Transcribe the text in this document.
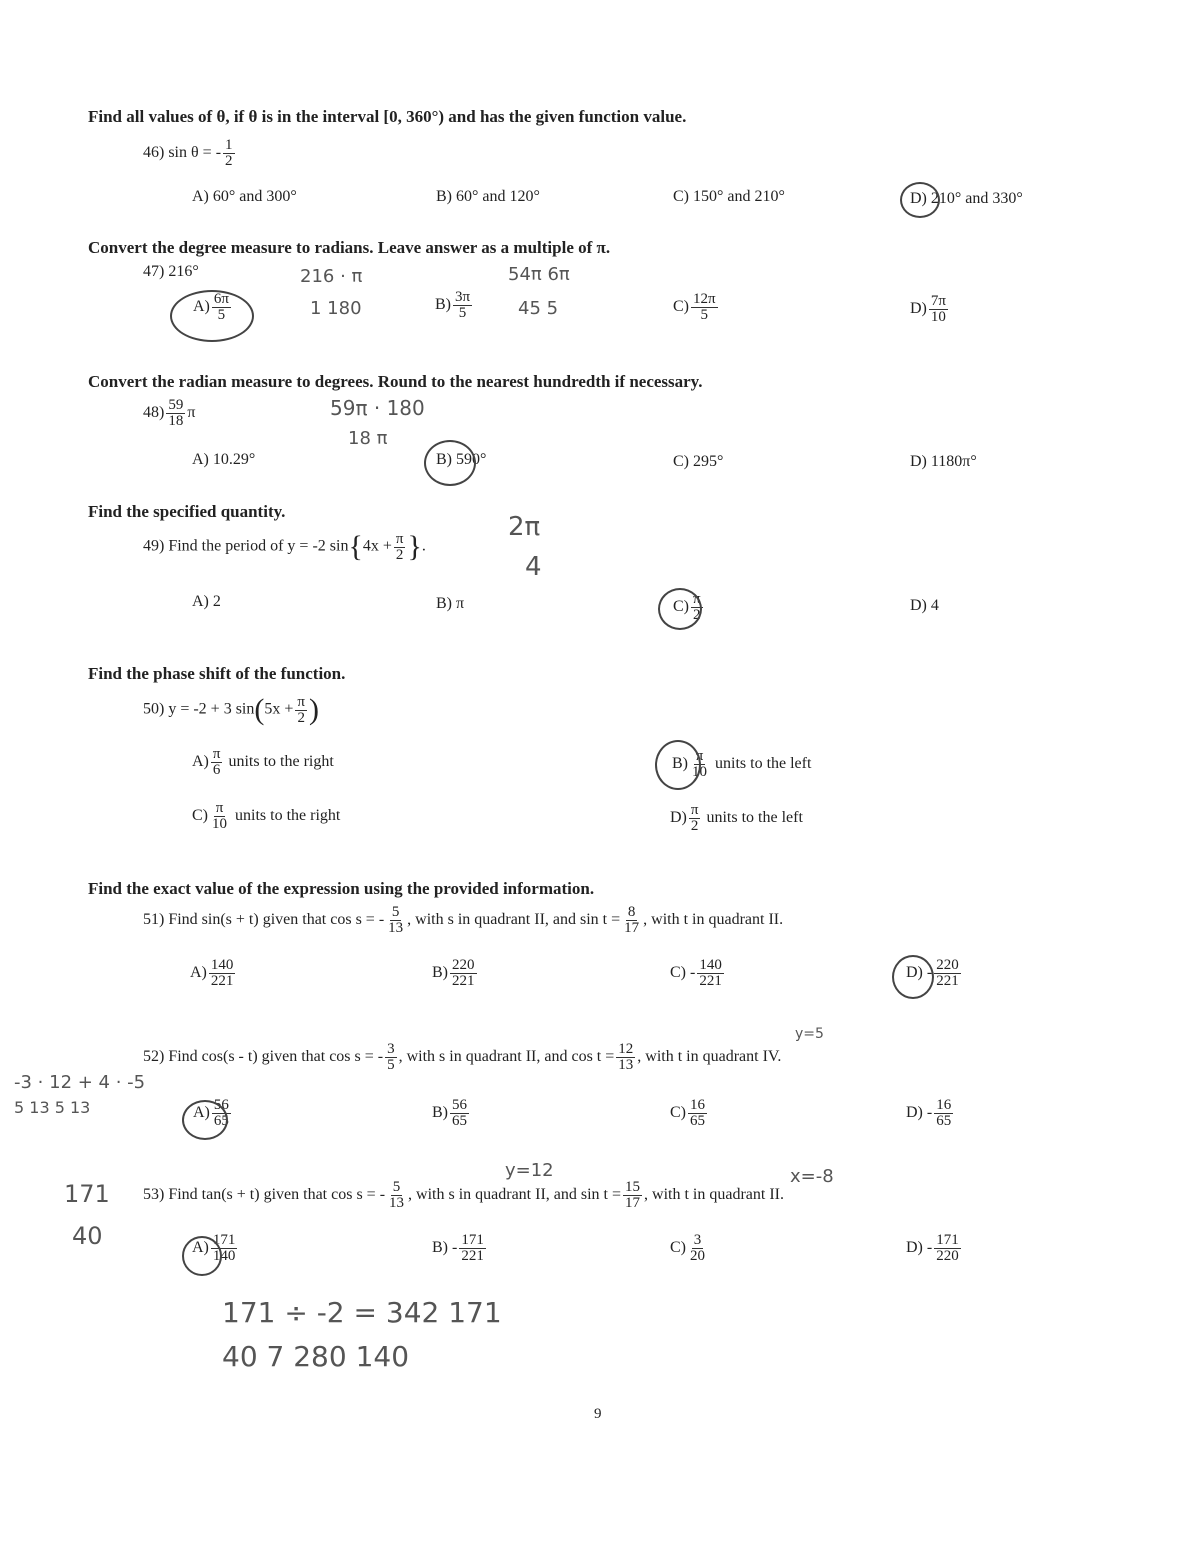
Find all values of θ, if θ is in the interval [0, 360°) and has the given function value.
46) sin θ = - $\frac{1}{2}$
A) 60° and 300°	B) 60° and 120°	C) 150° and 210°	D) 210° and 330°
Convert the degree measure to radians. Leave answer as a multiple of π.
47) 216°
$A) \frac{6\pi}{5}$	$B) \frac{3\pi}{5}$	$C) \frac{12\pi}{5}$	$D) \frac{7\pi}{10}$
216 · π
1 180
54π 6π
45 5
Convert the radian measure to degrees. Round to the nearest hundredth if necessary.
$48) \frac{59}{18}$ π	59π · 180
18 π
A) 10.29°	B) 590°	C) 295°	D) 1180π°
Find the specified quantity.
49) Find the period of y = -2 $\sin\{4x + \frac{\pi}{2}$ }.
2π
4
A) 2	B) π	$C) \frac{\pi}{2}$	D) 4
Find the phase shift of the function.
50) y = -2 + 3 $\sin(5x + \frac{\pi}{2}$ )
$A) \frac{\pi}{6}$ units to the right	$B) \frac{\pi}{10}$ units to the left
$C) \frac{\pi}{10}$ units to the right	$D) \frac{\pi}{2}$ units to the left
Find the exact value of the expression using the provided information.
51) Find sin(s + t) given that cos s = - $\frac{5}{13}$ , with s in quadrant II, and $\sin t = \frac{8}{17}$ , with t in quadrant II.
$A) \frac{140}{221}$	$B) \frac{220}{221}$	$C) - \frac{140}{221}$	$D) - \frac{220}{221}$
52) Find cos(s - t) given that cos s = - $\frac{3}{5}$ , with s in quadrant II, and $\cos t = \frac{12}{13}$ , with t in quadrant IV.
y=5
-3 · 12 + 4 · -5
5 13 5 13	$A) \frac{56}{65}$	$B) \frac{56}{65}$	$C) \frac{16}{65}$	$D) - \frac{16}{65}$
y=12	x=-8
171
40
53) Find tan(s + t) given that cos s = - $\frac{5}{13}$ , with s in quadrant II, and $\sin t = \frac{15}{17}$ , with t in quadrant II.
$A) \frac{171}{140}$	$B) - \frac{171}{221}$	$C) \frac{3}{20}$	$D) - \frac{171}{220}$
171 ÷ -2 = 342 171
40 7 280 140
9
